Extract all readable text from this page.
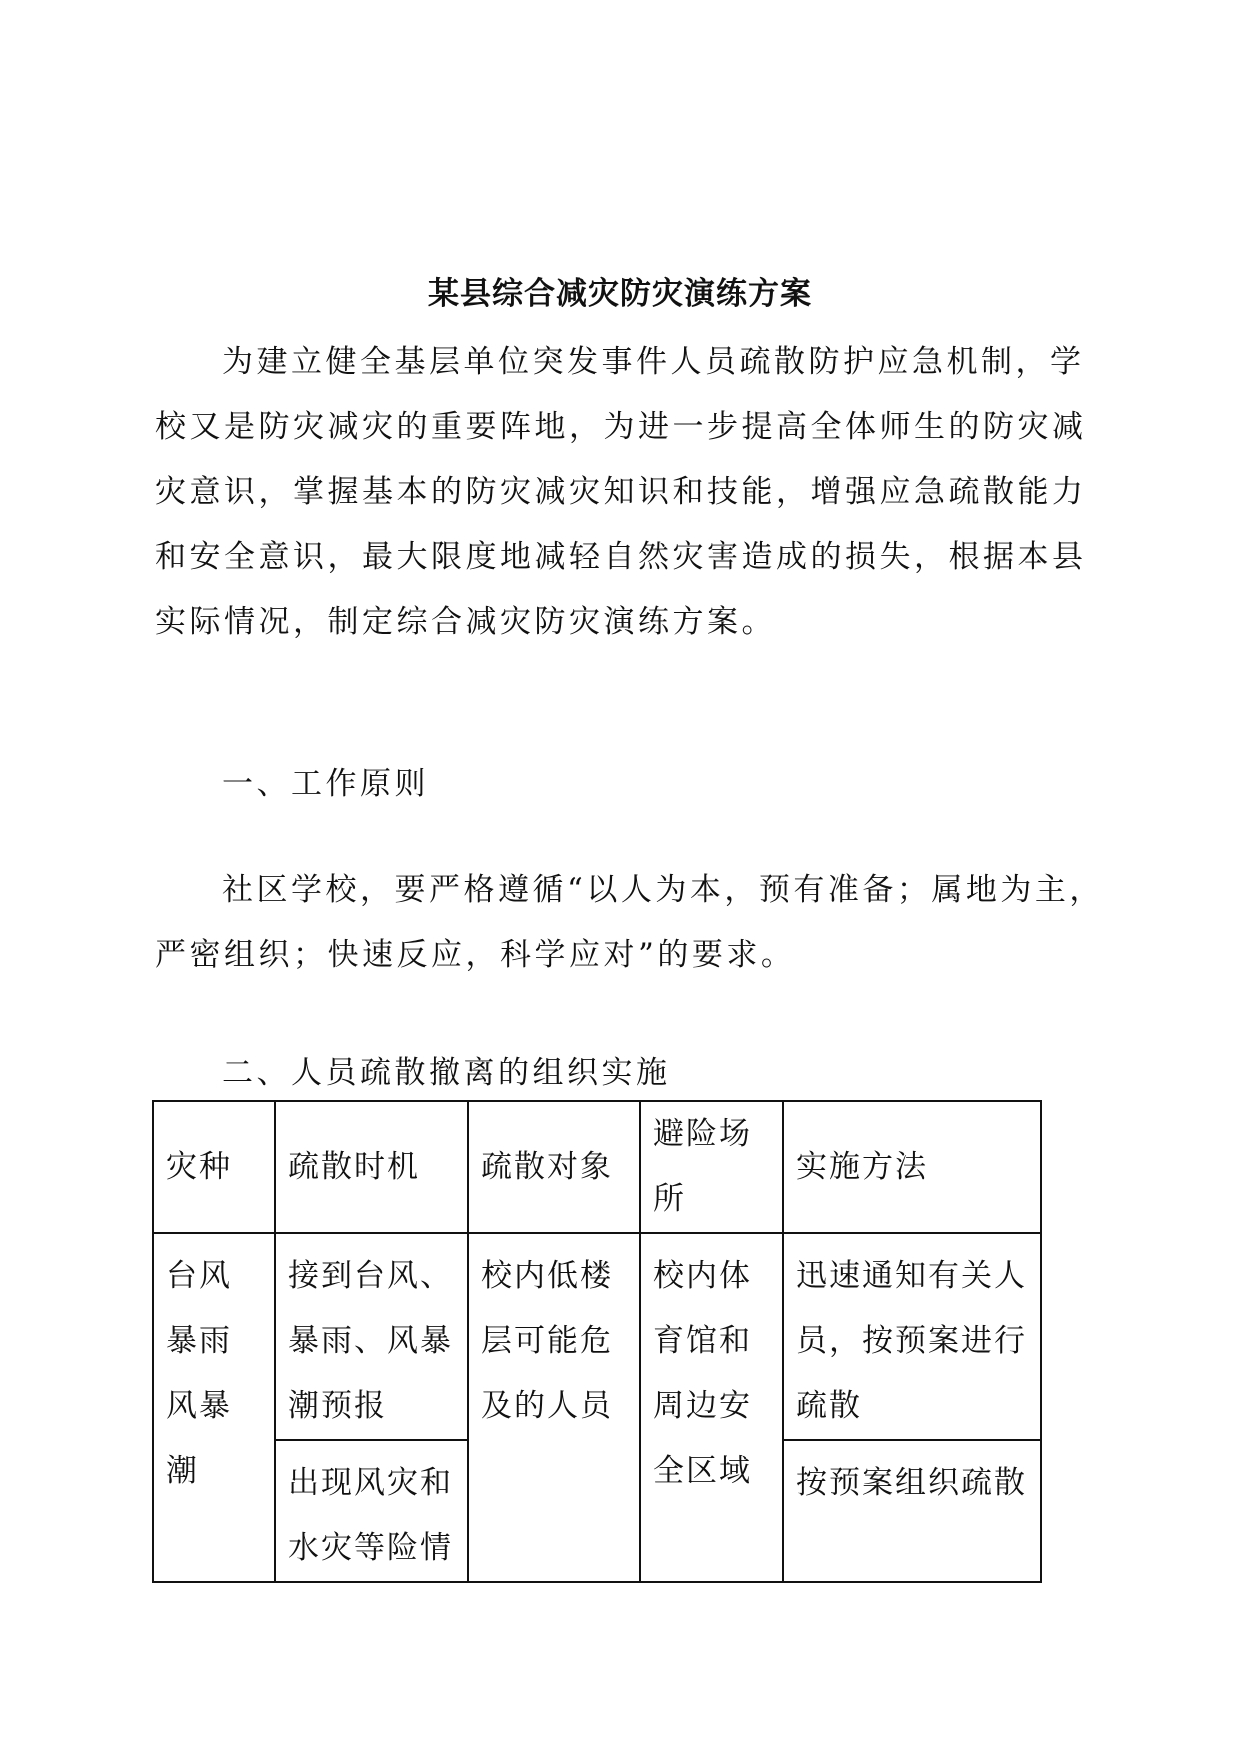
某县综合减灾防灾演练方案
为建立健全基层单位突发事件人员疏散防护应急机制，学
校又是防灾减灾的重要阵地，为进一步提高全体师生的防灾减
灾意识，掌握基本的防灾减灾知识和技能，增强应急疏散能力
和安全意识，最大限度地减轻自然灾害造成的损失，根据本县
实际情况，制定综合减灾防灾演练方案。
一、工作原则
社区学校，要严格遵循“以人为本，预有准备；属地为主，
严密组织；快速反应，科学应对”的要求。
二、人员疏散撤离的组织实施
灾种	疏散时机	疏散对象	避险场
所	实施方法

台风
暴雨
风暴潮	接到台风、
暴雨、风暴
潮预报	校内低楼
层可能危
及的人员	校内体
育馆和
周边安
全区域	迅速通知有关人
员，按预案进行
疏散

	出现风灾和
水灾等险情			按预案组织疏散
